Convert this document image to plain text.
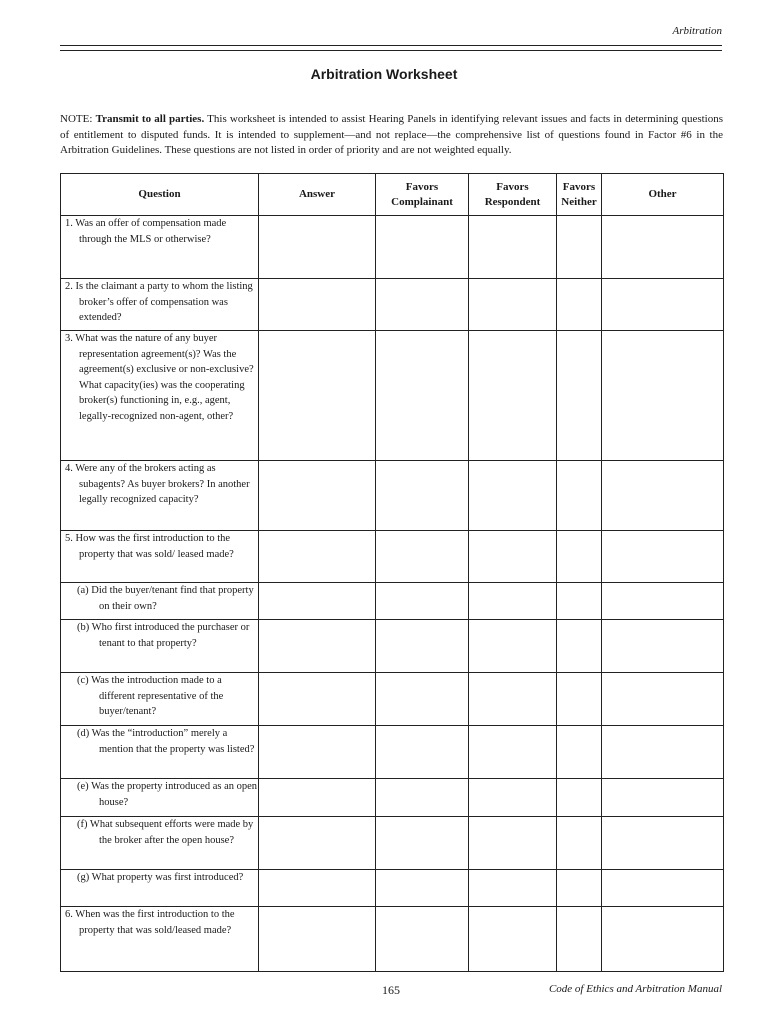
Arbitration
Arbitration Worksheet
NOTE: Transmit to all parties. This worksheet is intended to assist Hearing Panels in identifying relevant issues and facts in determining questions of entitlement to disputed funds. It is intended to supplement—and not replace—the comprehensive list of questions found in Factor #6 in the Arbitration Guidelines. These questions are not listed in order of priority and are not weighted equally.
Question	Answer	Favors Complainant	Favors Respondent	Favors Neither	Other
1. Was an offer of compensation made through the MLS or otherwise?					
2. Is the claimant a party to whom the listing broker’s offer of compensation was extended?					
3. What was the nature of any buyer representation agreement(s)? Was the agreement(s) exclusive or non-exclusive? What capacity(ies) was the cooperating broker(s) functioning in, e.g., agent, legally-recognized non-agent, other?					
4. Were any of the brokers acting as subagents? As buyer brokers? In another legally recognized capacity?					
5. How was the first introduction to the property that was sold/ leased made?					
(a) Did the buyer/tenant find that property on their own?					
(b) Who first introduced the purchaser or tenant to that property?					
(c) Was the introduction made to a different representative of the buyer/tenant?					
(d) Was the “introduction” merely a mention that the property was listed?					
(e) Was the property introduced as an open house?					
(f) What subsequent efforts were made by the broker after the open house?					
(g) What property was first introduced?					
6. When was the first introduction to the property that was sold/leased made?					
165	Code of Ethics and Arbitration Manual
